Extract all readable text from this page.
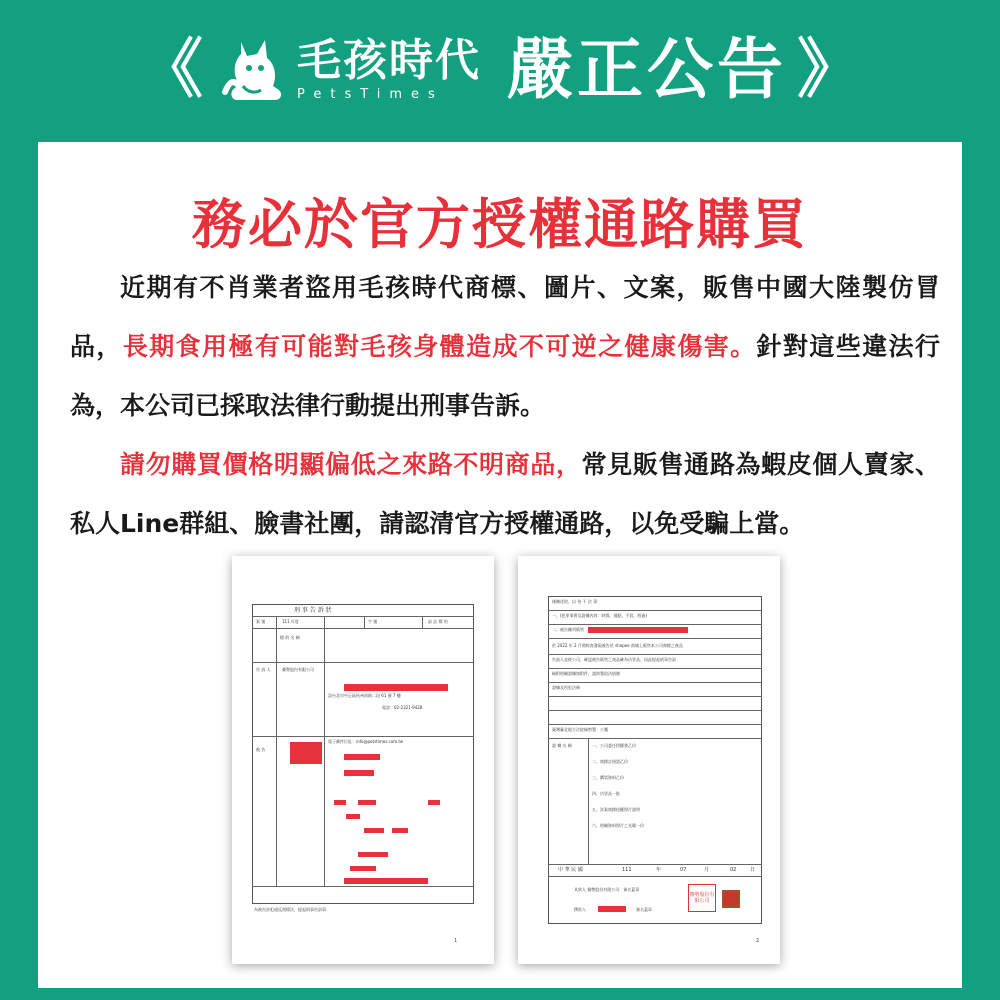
《 毛孩時代
PetsTimes 嚴正公告 》
務必於官方授權通路購買

近期有不肖業者盜用毛孩時代商標、圖片、文案，販售中國大陸製仿冒品，長期食用極有可能對毛孩身體造成不可逆之健康傷害。針對這些違法行為，本公司已採取法律行動提出刑事告訴。

請勿購買價格明顯偏低之來路不明商品，常見販售通路為蝦皮個人賣家、私人Line群組、臉書社團，請認清官方授權通路，以免受騙上當。

刑 事 告 訴 狀
案 號	111 年度	字 號	訴 訟 標 的
標 的 名 稱
告 訴 人	賽勢股份有限公司
設台北市中正區杭州南路二段 61 號 7 樓
電話：02-2321-9428
電子郵件位址：info@petstimes.com.tw
被 告
為被告涉犯違反商標法，提起刑事告訴事：
1
僅陳述的，以 待 不 法 事：
一、(犯罪事實及證據內容：時間、地點、手段、經過)
二、被告陳列販售
於 2022 年 2 月間經查發現被告於 shopee 商城上販售本公司商標之產品
告訴人並經公司，確認被告販售之商品確為仿冒品，因此提起刑事告訴
檢附相關證據如附件，請鈞署依法偵辦
證據及所犯法條
臺灣臺北地方法院檢察署　公鑒
證 據 名 稱	一、公司委任授權書乙份
二、商標註冊證乙份
三、購買資料乙份
四、仿冒品一批
五、涉案商標侵權照片證明
六、相關資料照片之光碟一份
中 華 民 國	111	年	07	月	02	日
具狀人 賽勢股份有限公司　簽名蓋章
撰狀人	簽名蓋章
賽勢股份有限公司
2
